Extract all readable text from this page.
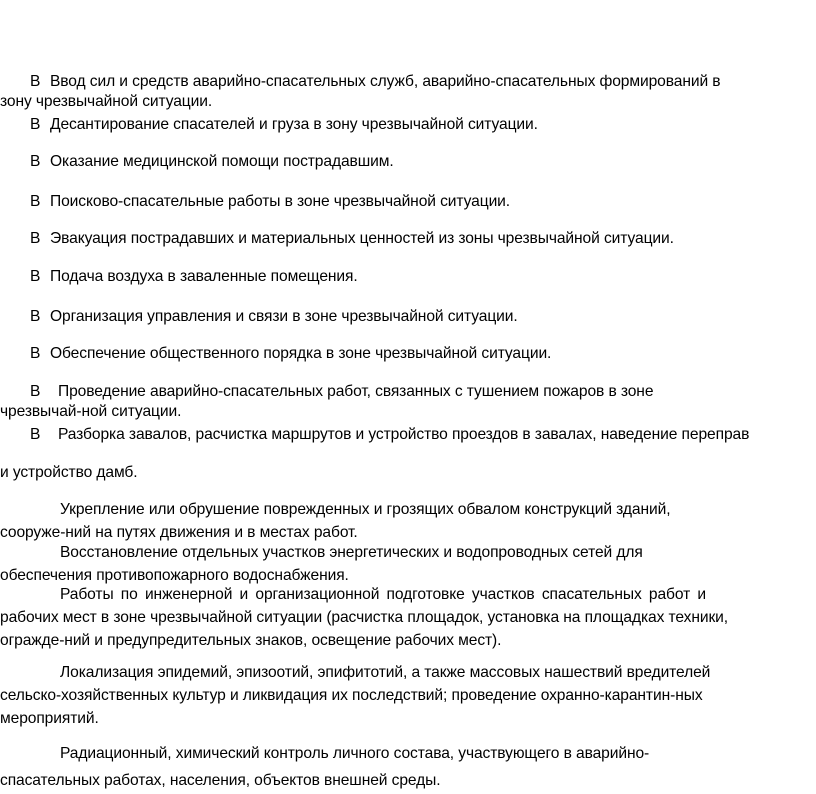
В Ввод сил и средств аварийно-спасательных служб, аварийно-спасательных формирований в
зону чрезвычайной ситуации.
В Десантирование спасателей и груза в зону чрезвычайной ситуации.
В Оказание медицинской помощи пострадавшим.
В Поисково-спасательные работы в зоне чрезвычайной ситуации.
В Эвакуация пострадавших и материальных ценностей из зоны чрезвычайной ситуации.
В Подача воздуха в заваленные помещения.
В Организация управления и связи в зоне чрезвычайной ситуации.
В Обеспечение общественного порядка в зоне чрезвычайной ситуации.
В Проведение аварийно-спасательных работ, связанных с тушением пожаров в зоне
чрезвычай-ной ситуации.
В Разборка завалов, расчистка маршрутов и устройство проездов в завалах, наведение переправ
и устройство дамб.
Укрепление или обрушение поврежденных и грозящих обвалом конструкций зданий,
сооруже-ний на путях движения и в местах работ.
Восстановление отдельных участков энергетических и водопроводных сетей для
обеспечения противопожарного водоснабжения.
Работы по инженерной и организационной подготовке участков спасательных работ и
рабочих мест в зоне чрезвычайной ситуации (расчистка площадок, установка на площадках техники,
огражде-ний и предупредительных знаков, освещение рабочих мест).
Локализация эпидемий, эпизоотий, эпифитотий, а также массовых нашествий вредителей
сельско-хозяйственных культур и ликвидация их последствий; проведение охранно-карантин-ных
мероприятий.
Радиационный, химический контроль личного состава, участвующего в аварийно-
спасательных работах, населения, объектов внешней среды.
